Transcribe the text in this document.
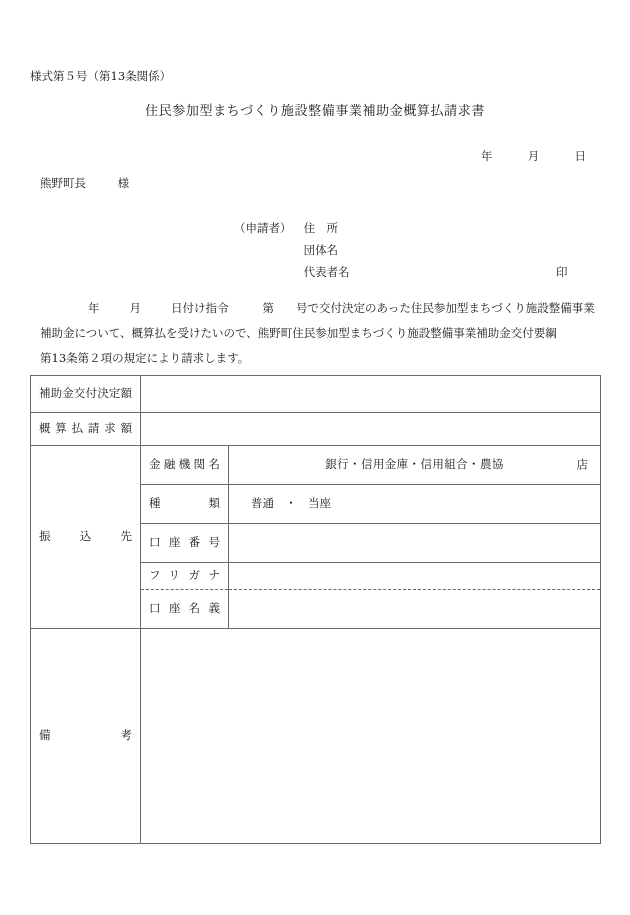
様式第５号（第13条関係）
住民参加型まちづくり施設整備事業補助金概算払請求書
年	月	日
熊野町長	様
（申請者） 住　所
団体名
代表者名	印

年	月	日付け指令	第 号で交付決定のあった住民参加型まちづくり施設整備事業

補助金について、概算払を受けたいので、熊野町住民参加型まちづくり施設整備事業補助金交付要綱

第13条第２項の規定により請求します。

補助金交付決定額		

概算払請求額		

振込先	金融機関名	銀行・信用金庫・信用組合・農協 店

	種類	普通 ・ 当座

	口座番号	

	フリガナ	

	口座名義	

備考		
